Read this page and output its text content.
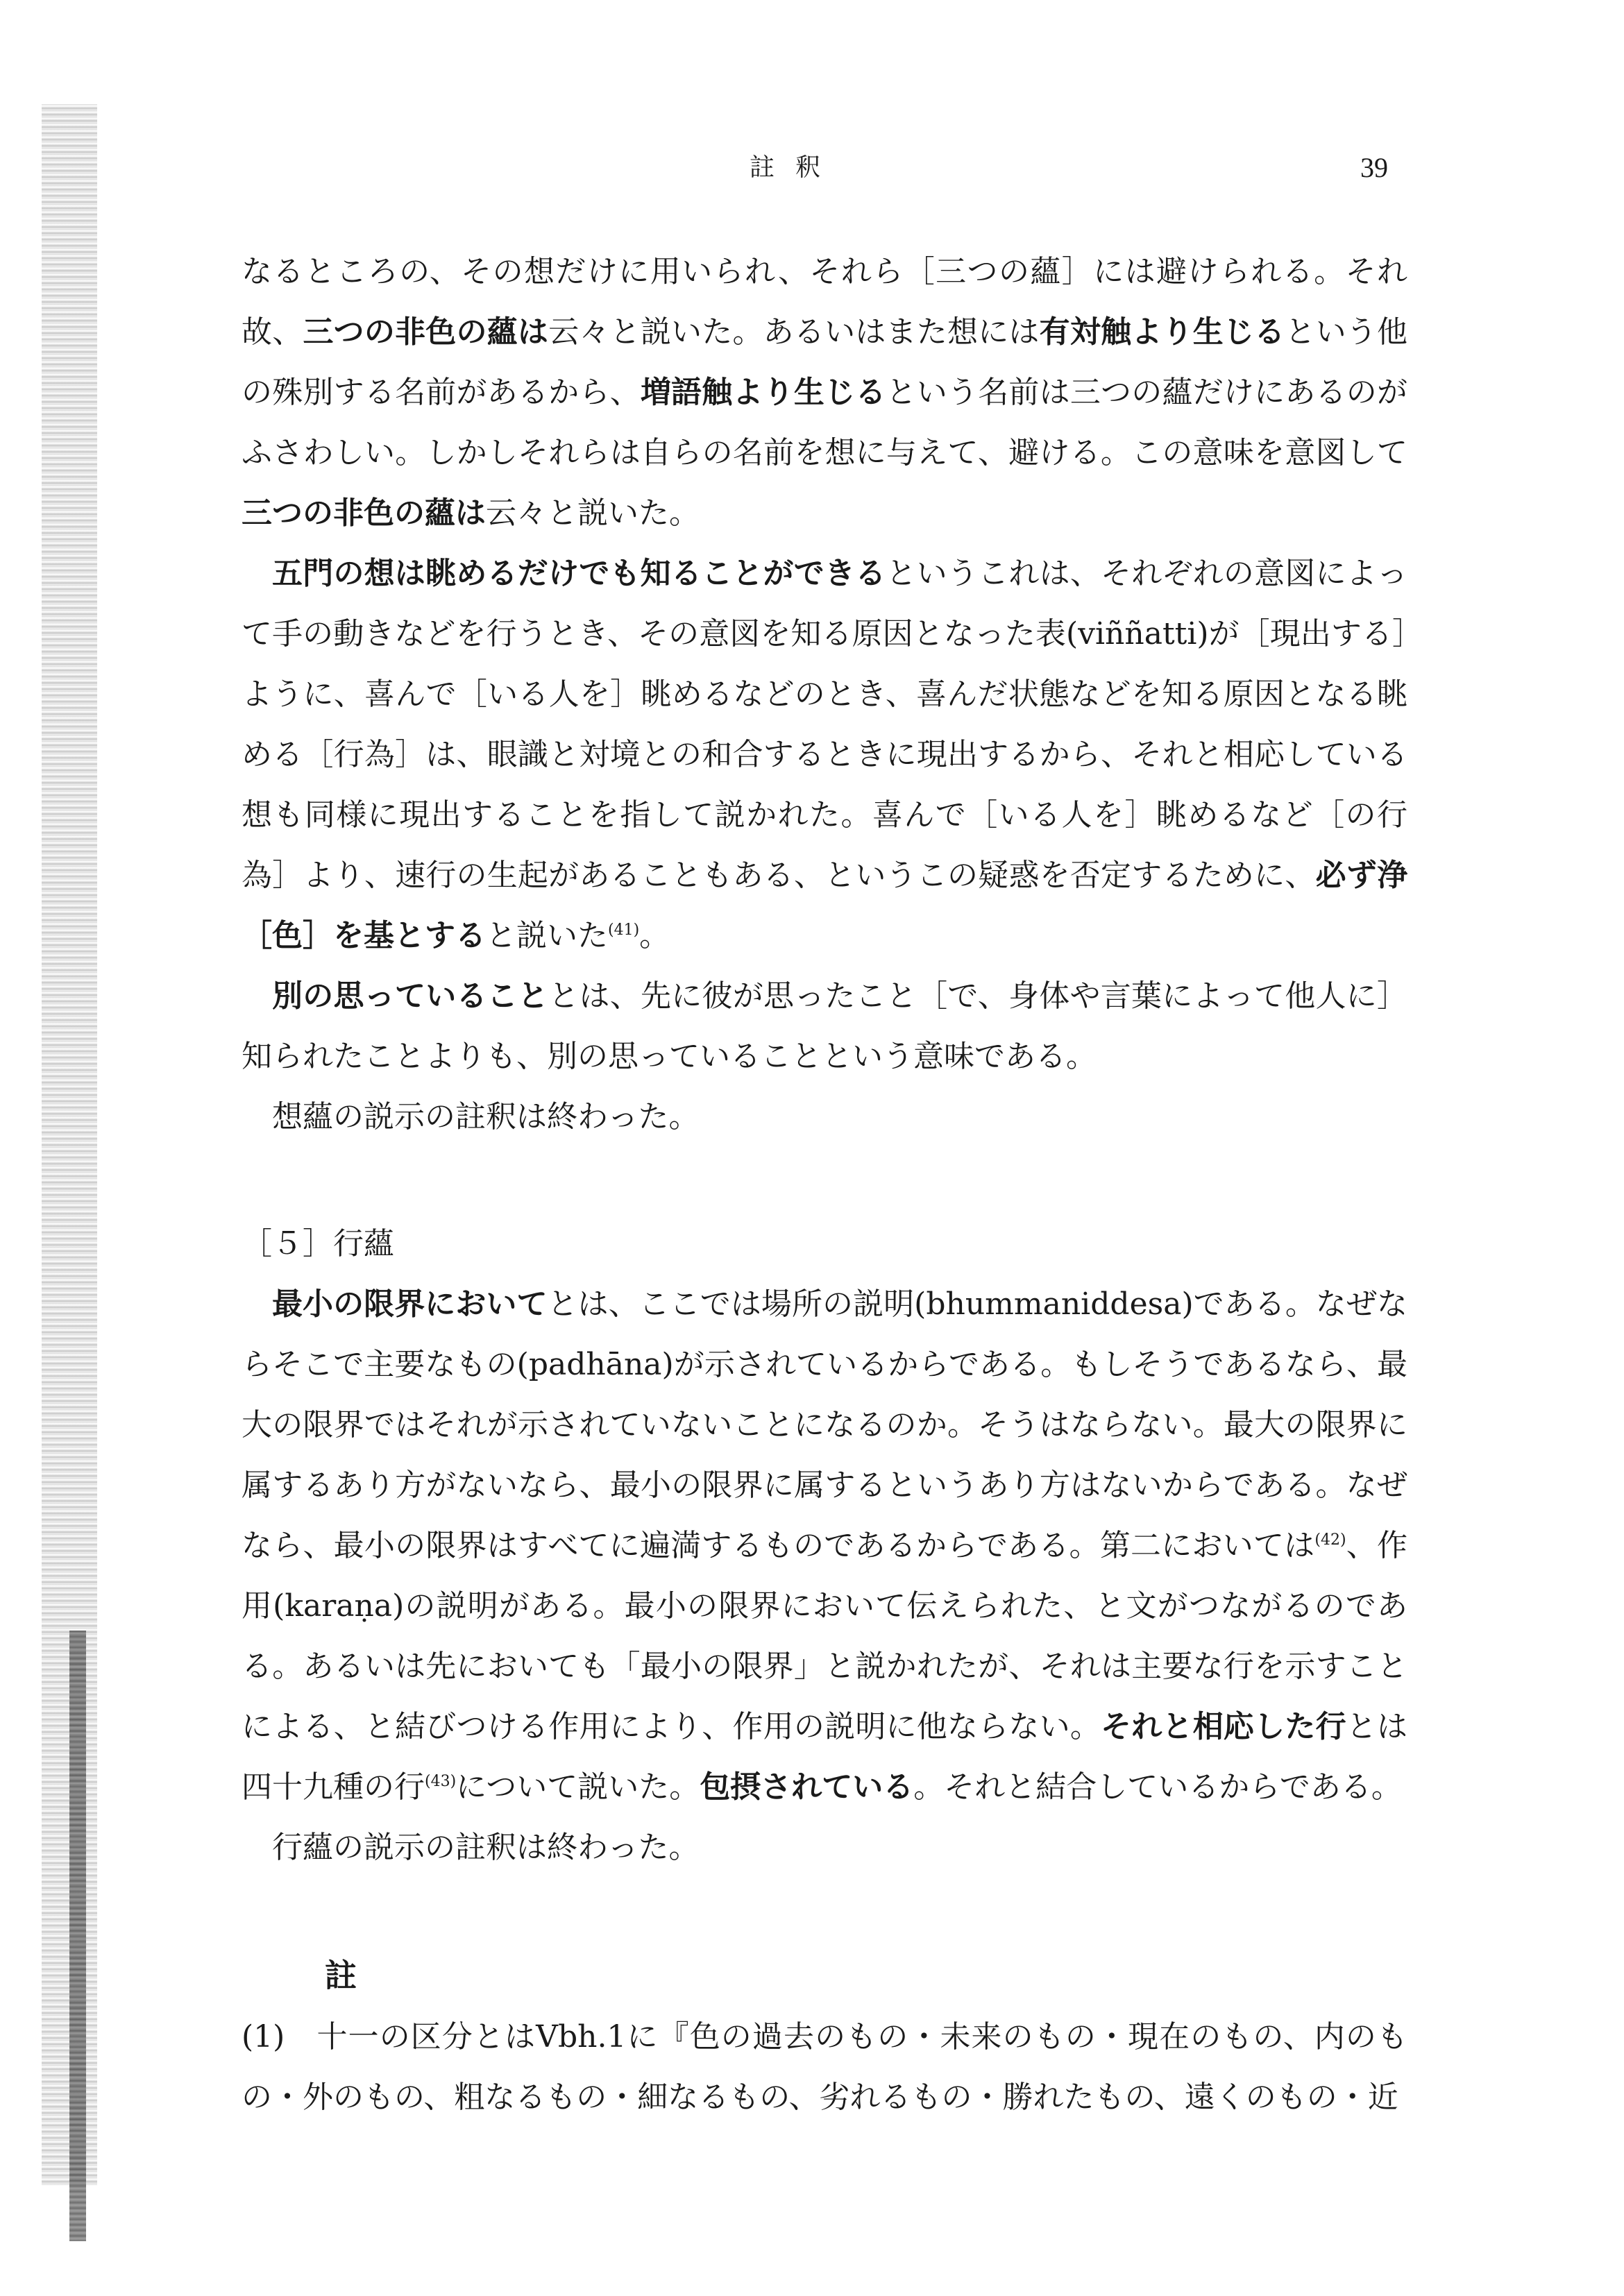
註釈	39

なるところの、その想だけに用いられ、それら［三つの蘊］には避けられる。それ故、三つの非色の蘊は云々と説いた。あるいはまた想には有対触より生じるという他の殊別する名前があるから、増語触より生じるという名前は三つの蘊だけにあるのがふさわしい。しかしそれらは自らの名前を想に与えて、避ける。この意味を意図して三つの非色の蘊は云々と説いた。

五門の想は眺めるだけでも知ることができるというこれは、それぞれの意図によって手の動きなどを行うとき、その意図を知る原因となった表(viññatti)が［現出する］ように、喜んで［いる人を］眺めるなどのとき、喜んだ状態などを知る原因となる眺める［行為］は、眼識と対境との和合するときに現出するから、それと相応している想も同様に現出することを指して説かれた。喜んで［いる人を］眺めるなど［の行為］より、速行の生起があることもある、というこの疑惑を否定するために、必ず浄［色］を基とすると説いた$^{(41)}$。

別の思っていることとは、先に彼が思ったこと［で、身体や言葉によって他人に］知られたことよりも、別の思っていることという意味である。

想蘊の説示の註釈は終わった。

［５］行蘊

最小の限界においてとは、ここでは場所の説明(bhummaniddesa)である。なぜならそこで主要なもの(padhāna)が示されているからである。もしそうであるなら、最大の限界ではそれが示されていないことになるのか。そうはならない。最大の限界に属するあり方がないなら、最小の限界に属するというあり方はないからである。なぜなら、最小の限界はすべてに遍満するものであるからである。第二においては$^{(42)}$、作用(karaṇa)の説明がある。最小の限界において伝えられた、と文がつながるのである。あるいは先においても「最小の限界」と説かれたが、それは主要な行を示すことによる、と結びつける作用により、作用の説明に他ならない。それと相応した行とは四十九種の行$^{(43)}$について説いた。包摂されている。それと結合しているからである。

行蘊の説示の註釈は終わった。

註

(1)　 十一の区分とはVbh.1に『色の過去のもの・未来のもの・現在のもの、内のもの・外のもの、粗なるもの・細なるもの、劣れるもの・勝れたもの、遠くのもの・近
